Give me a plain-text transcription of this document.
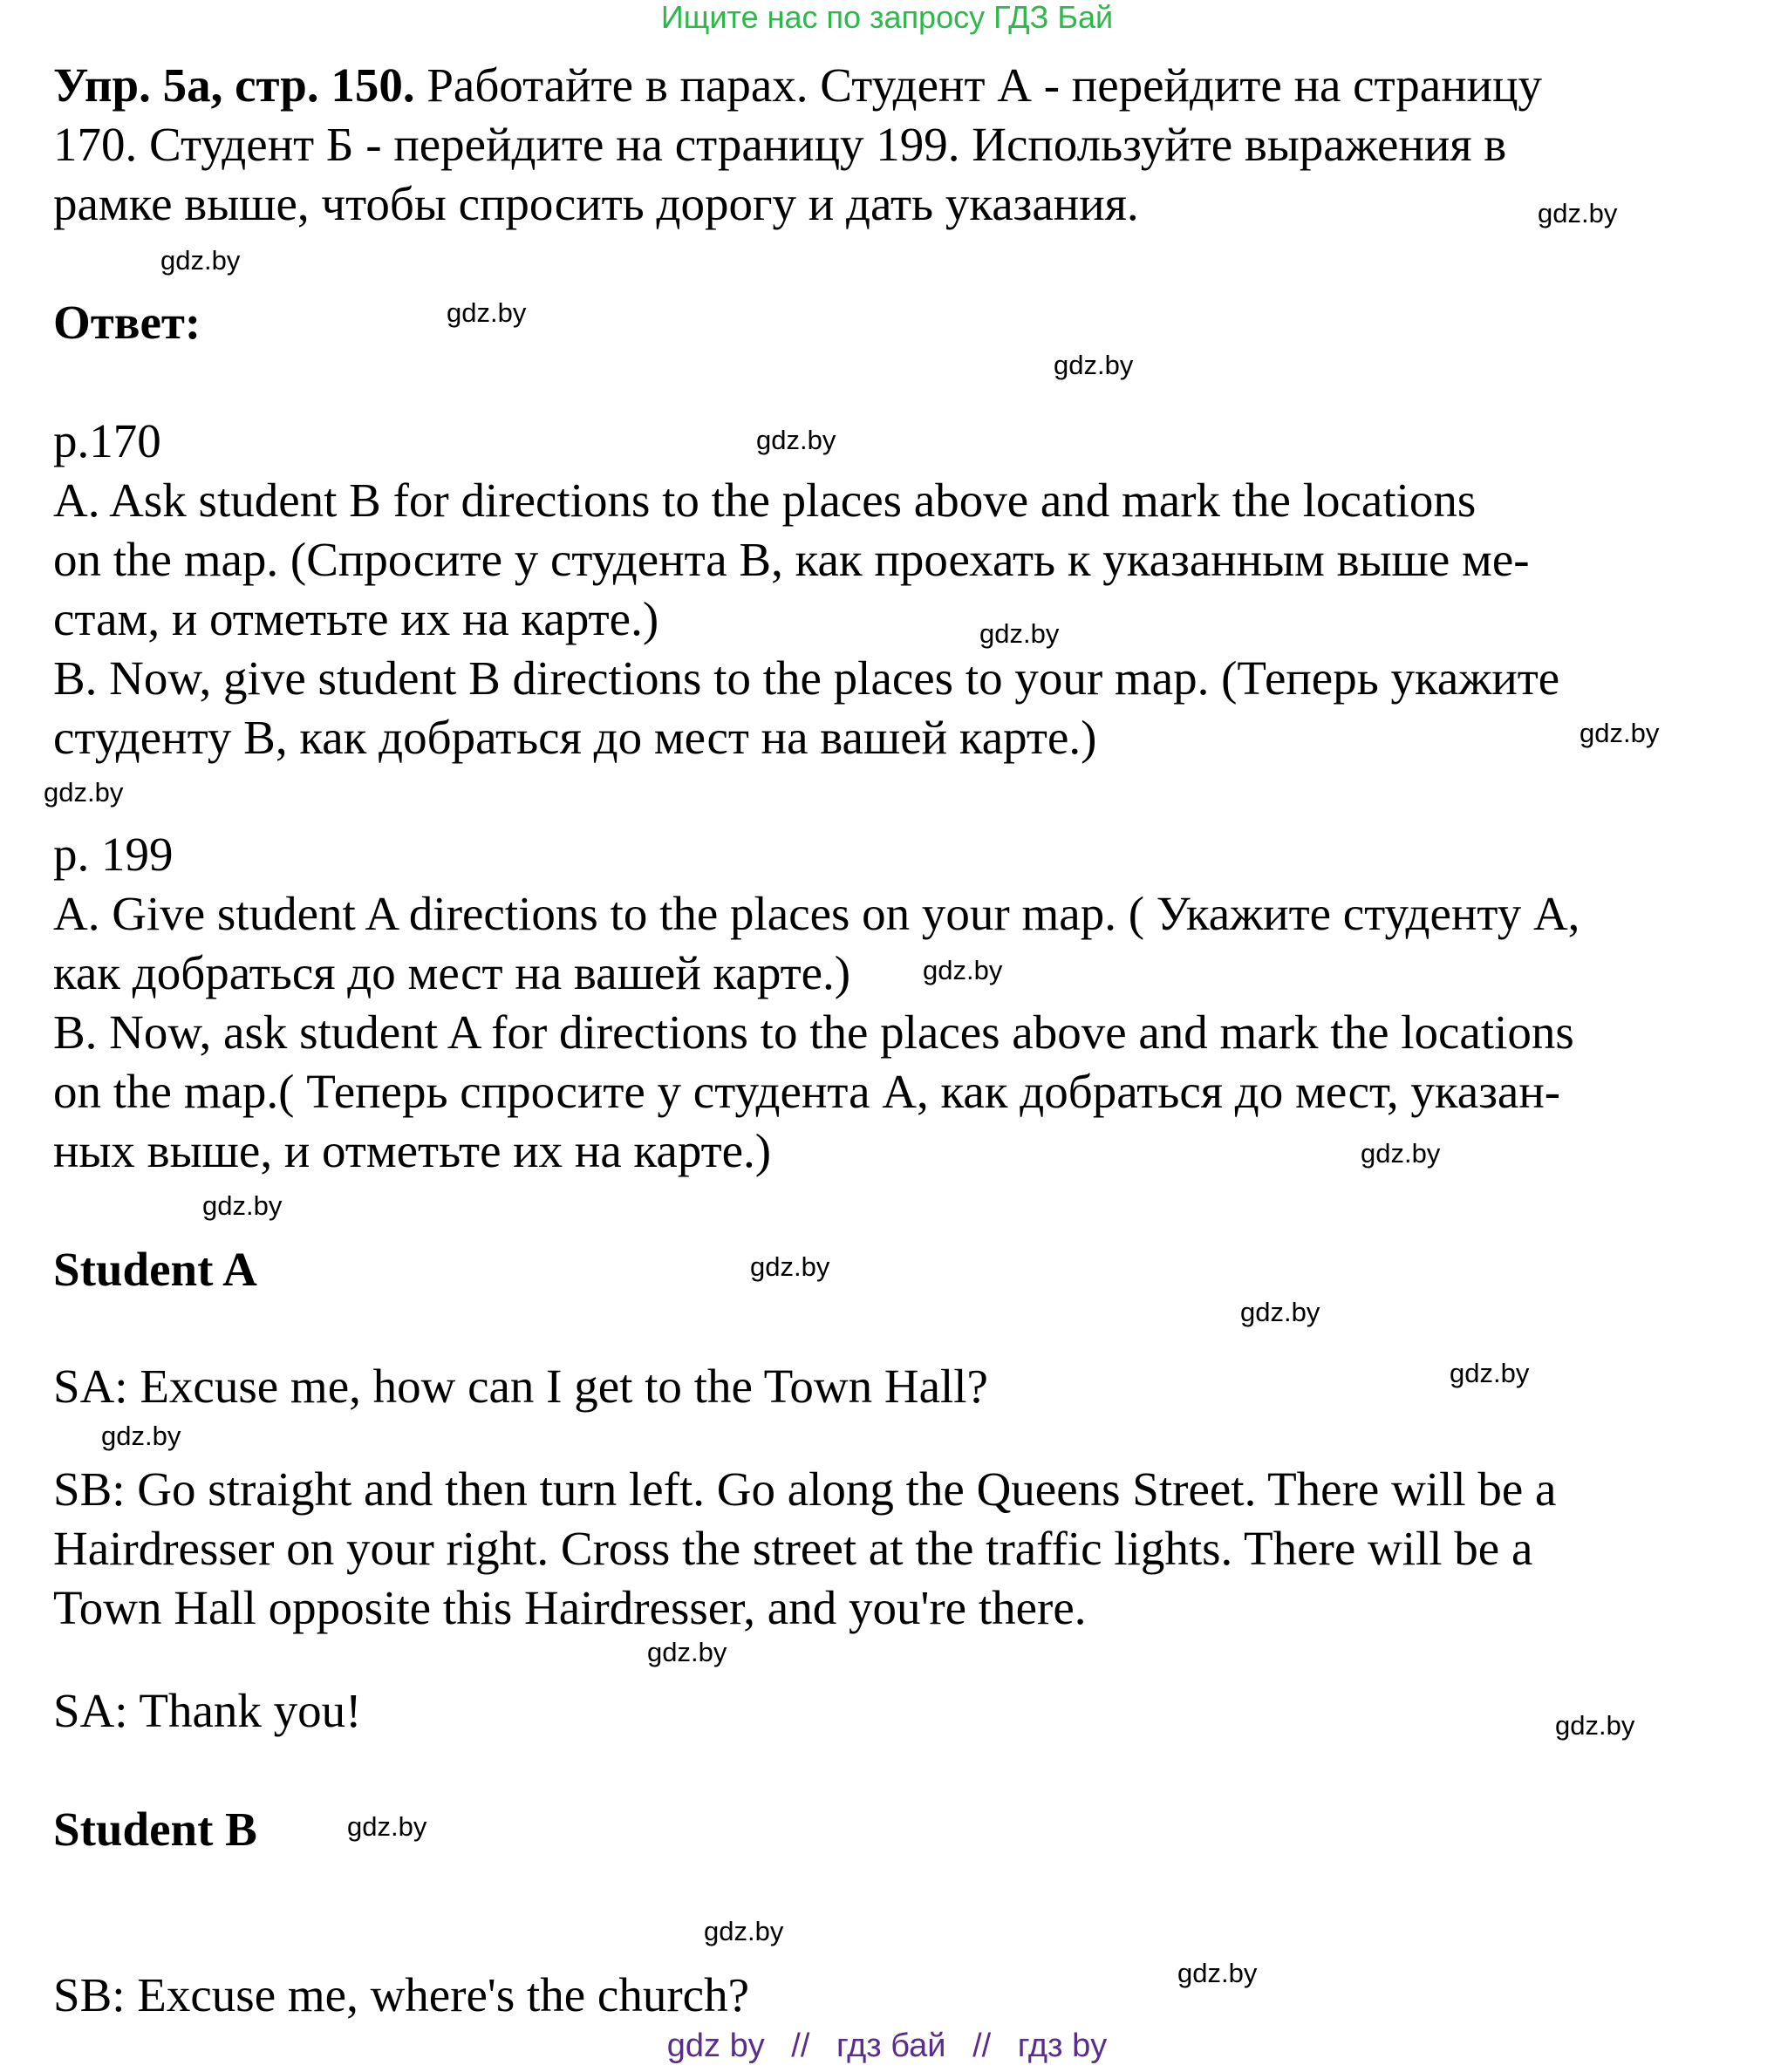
Ищите нас по запросу ГДЗ Бай
Упр. 5а, стр. 150. Работайте в парах. Студент А - перейдите на страницу
170. Студент Б - перейдите на страницу 199. Используйте выражения в
рамке выше, чтобы спросить дорогу и дать указания.
Ответ:
p.170
A. Ask student B for directions to the places above and mark the locations
on the map. (Спросите у студента В, как проехать к указанным выше ме-
стам, и отметьте их на карте.)
B. Now, give student B directions to the places to your map. (Теперь укажите
студенту В, как добраться до мест на вашей карте.)
p. 199
A. Give student A directions to the places on your map. ( Укажите студенту А,
как добраться до мест на вашей карте.)
B. Now, ask student A for directions to the places above and mark the locations
on the map.( Теперь спросите у студента А, как добраться до мест, указан-
ных выше, и отметьте их на карте.)
Student A
SA: Excuse me, how can I get to the Town Hall?
SB: Go straight and then turn left. Go along the Queens Street. There will be a
Hairdresser on your right. Cross the street at the traffic lights. There will be a
Town Hall opposite this Hairdresser, and you're there.
SA: Thank you!
Student B
SB: Excuse me, where's the church?
gdz.by
gdz.by
gdz.by
gdz.by
gdz.by
gdz.by
gdz.by
gdz.by
gdz.by
gdz.by
gdz.by
gdz.by
gdz.by
gdz.by
gdz.by
gdz.by
gdz.by
gdz.by
gdz.by
gdz.by
gdz by // гдз бай // гдз by
